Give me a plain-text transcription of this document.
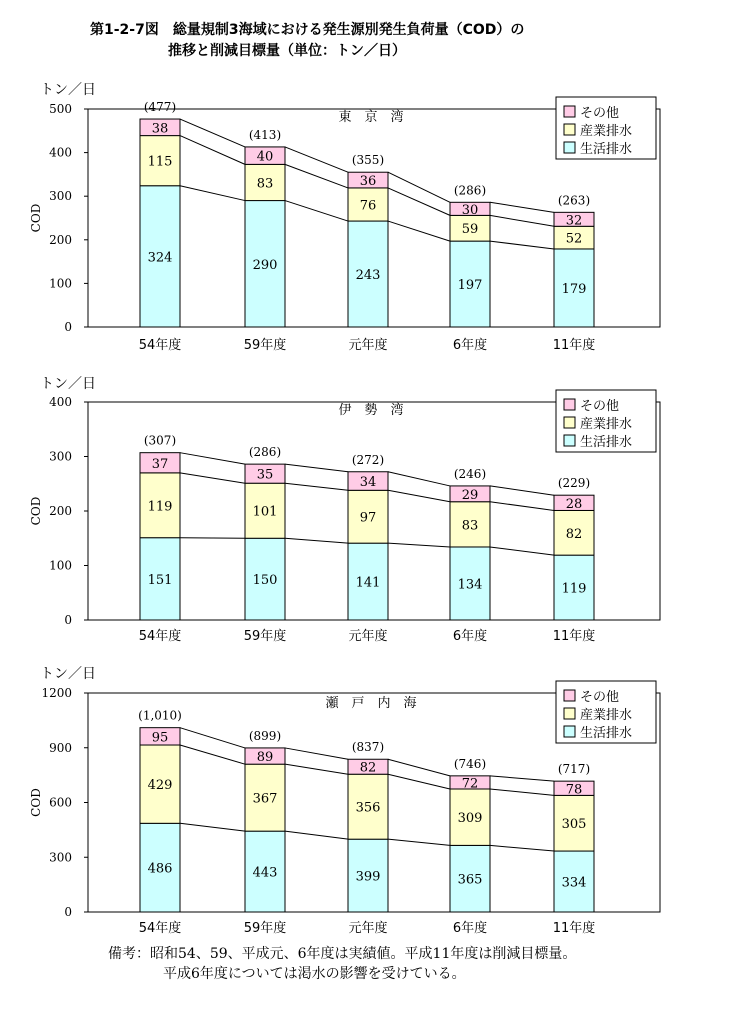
第1-2-7図　総量規制3海域における発生源別発生負荷量（COD）の
推移と削減目標量（単位：トン／日）
トン／日
COD
0
100
200
300
400
500
東　京　湾
324
115
38
(477)
54年度
290
83
40
(413)
59年度
243
76
36
(355)
元年度
197
59
30
(286)
6年度
179
52
32
(263)
11年度
その他
産業排水
生活排水
トン／日
COD
0
100
200
300
400
伊　勢　湾
151
119
37
(307)
54年度
150
101
35
(286)
59年度
141
97
34
(272)
元年度
134
83
29
(246)
6年度
119
82
28
(229)
11年度
その他
産業排水
生活排水
トン／日
COD
0
300
600
900
1200
瀬　戸　内　海
486
429
95
(1,010)
54年度
443
367
89
(899)
59年度
399
356
82
(837)
元年度
365
309
72
(746)
6年度
334
305
78
(717)
11年度
その他
産業排水
生活排水
備考：昭和54、59、平成元、6年度は実績値。平成11年度は削減目標量。
平成6年度については渇水の影響を受けている。
